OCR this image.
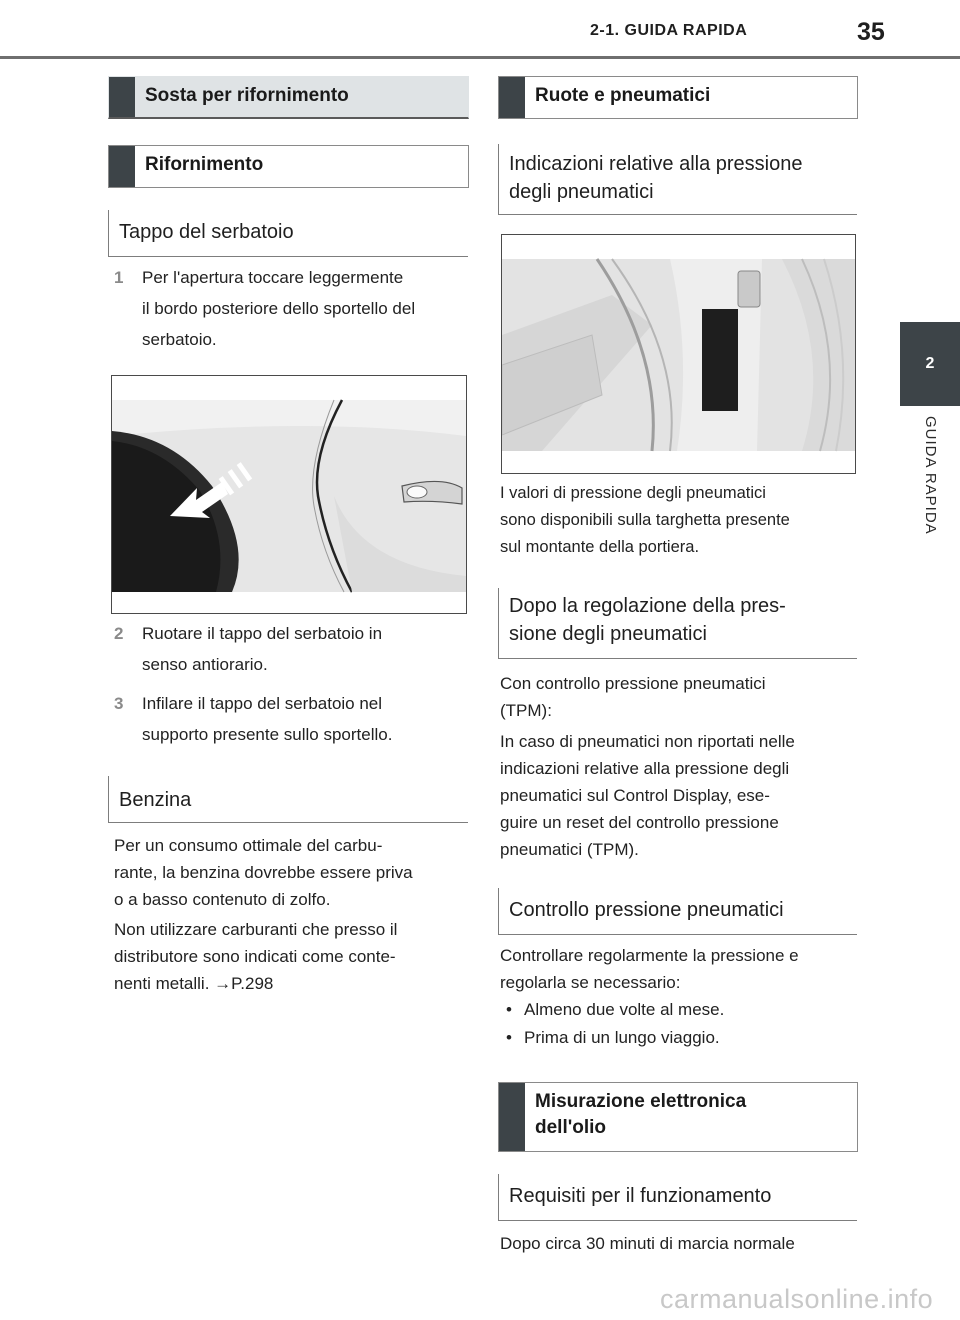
2-1. GUIDA RAPIDA	35
2
GUIDA RAPIDA
Sosta per rifornimento
Rifornimento
Tappo del serbatoio
1 Per l'apertura toccare leggermente
il bordo posteriore dello sportello del
serbatoio.
2 Ruotare il tappo del serbatoio in
senso antiorario.
3 Infilare il tappo del serbatoio nel
supporto presente sullo sportello.
Benzina
Per un consumo ottimale del carbu-
rante, la benzina dovrebbe essere priva
o a basso contenuto di zolfo.
Non utilizzare carburanti che presso il
distributore sono indicati come conte-
nenti metalli. →P.298
Ruote e pneumatici
Indicazioni relative alla pressione
degli pneumatici
I valori di pressione degli pneumatici
sono disponibili sulla targhetta presente
sul montante della portiera.
Dopo la regolazione della pres-
sione degli pneumatici
Con controllo pressione pneumatici
(TPM):
In caso di pneumatici non riportati nelle
indicazioni relative alla pressione degli
pneumatici sul Control Display, ese-
guire un reset del controllo pressione
pneumatici (TPM).
Controllo pressione pneumatici
Controllare regolarmente la pressione e
regolarla se necessario:
• Almeno due volte al mese.
• Prima di un lungo viaggio.
Misurazione elettronica
dell'olio
Requisiti per il funzionamento
Dopo circa 30 minuti di marcia normale
carmanualsonline.info
